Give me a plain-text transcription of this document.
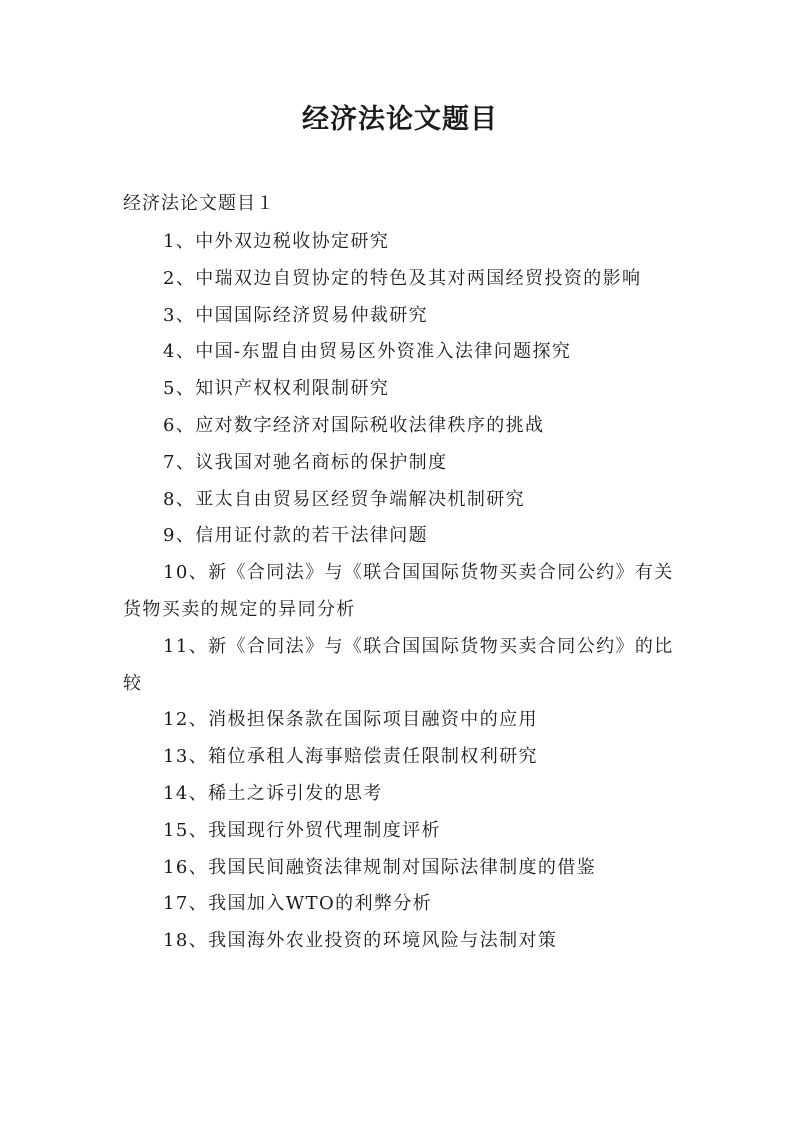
经济法论文题目

经济法论文题目１

1、中外双边税收协定研究
2、中瑞双边自贸协定的特色及其对两国经贸投资的影响
3、中国国际经济贸易仲裁研究
4、中国-东盟自由贸易区外资准入法律问题探究
5、知识产权权利限制研究
6、应对数字经济对国际税收法律秩序的挑战
7、议我国对驰名商标的保护制度
8、亚太自由贸易区经贸争端解决机制研究
9、信用证付款的若干法律问题
10、新《合同法》与《联合国国际货物买卖合同公约》有关货物买卖的规定的异同分析
11、新《合同法》与《联合国国际货物买卖合同公约》的比较
12、消极担保条款在国际项目融资中的应用
13、箱位承租人海事赔偿责任限制权利研究
14、稀土之诉引发的思考
15、我国现行外贸代理制度评析
16、我国民间融资法律规制对国际法律制度的借鉴
17、我国加入WTO的利弊分析
18、我国海外农业投资的环境风险与法制对策
